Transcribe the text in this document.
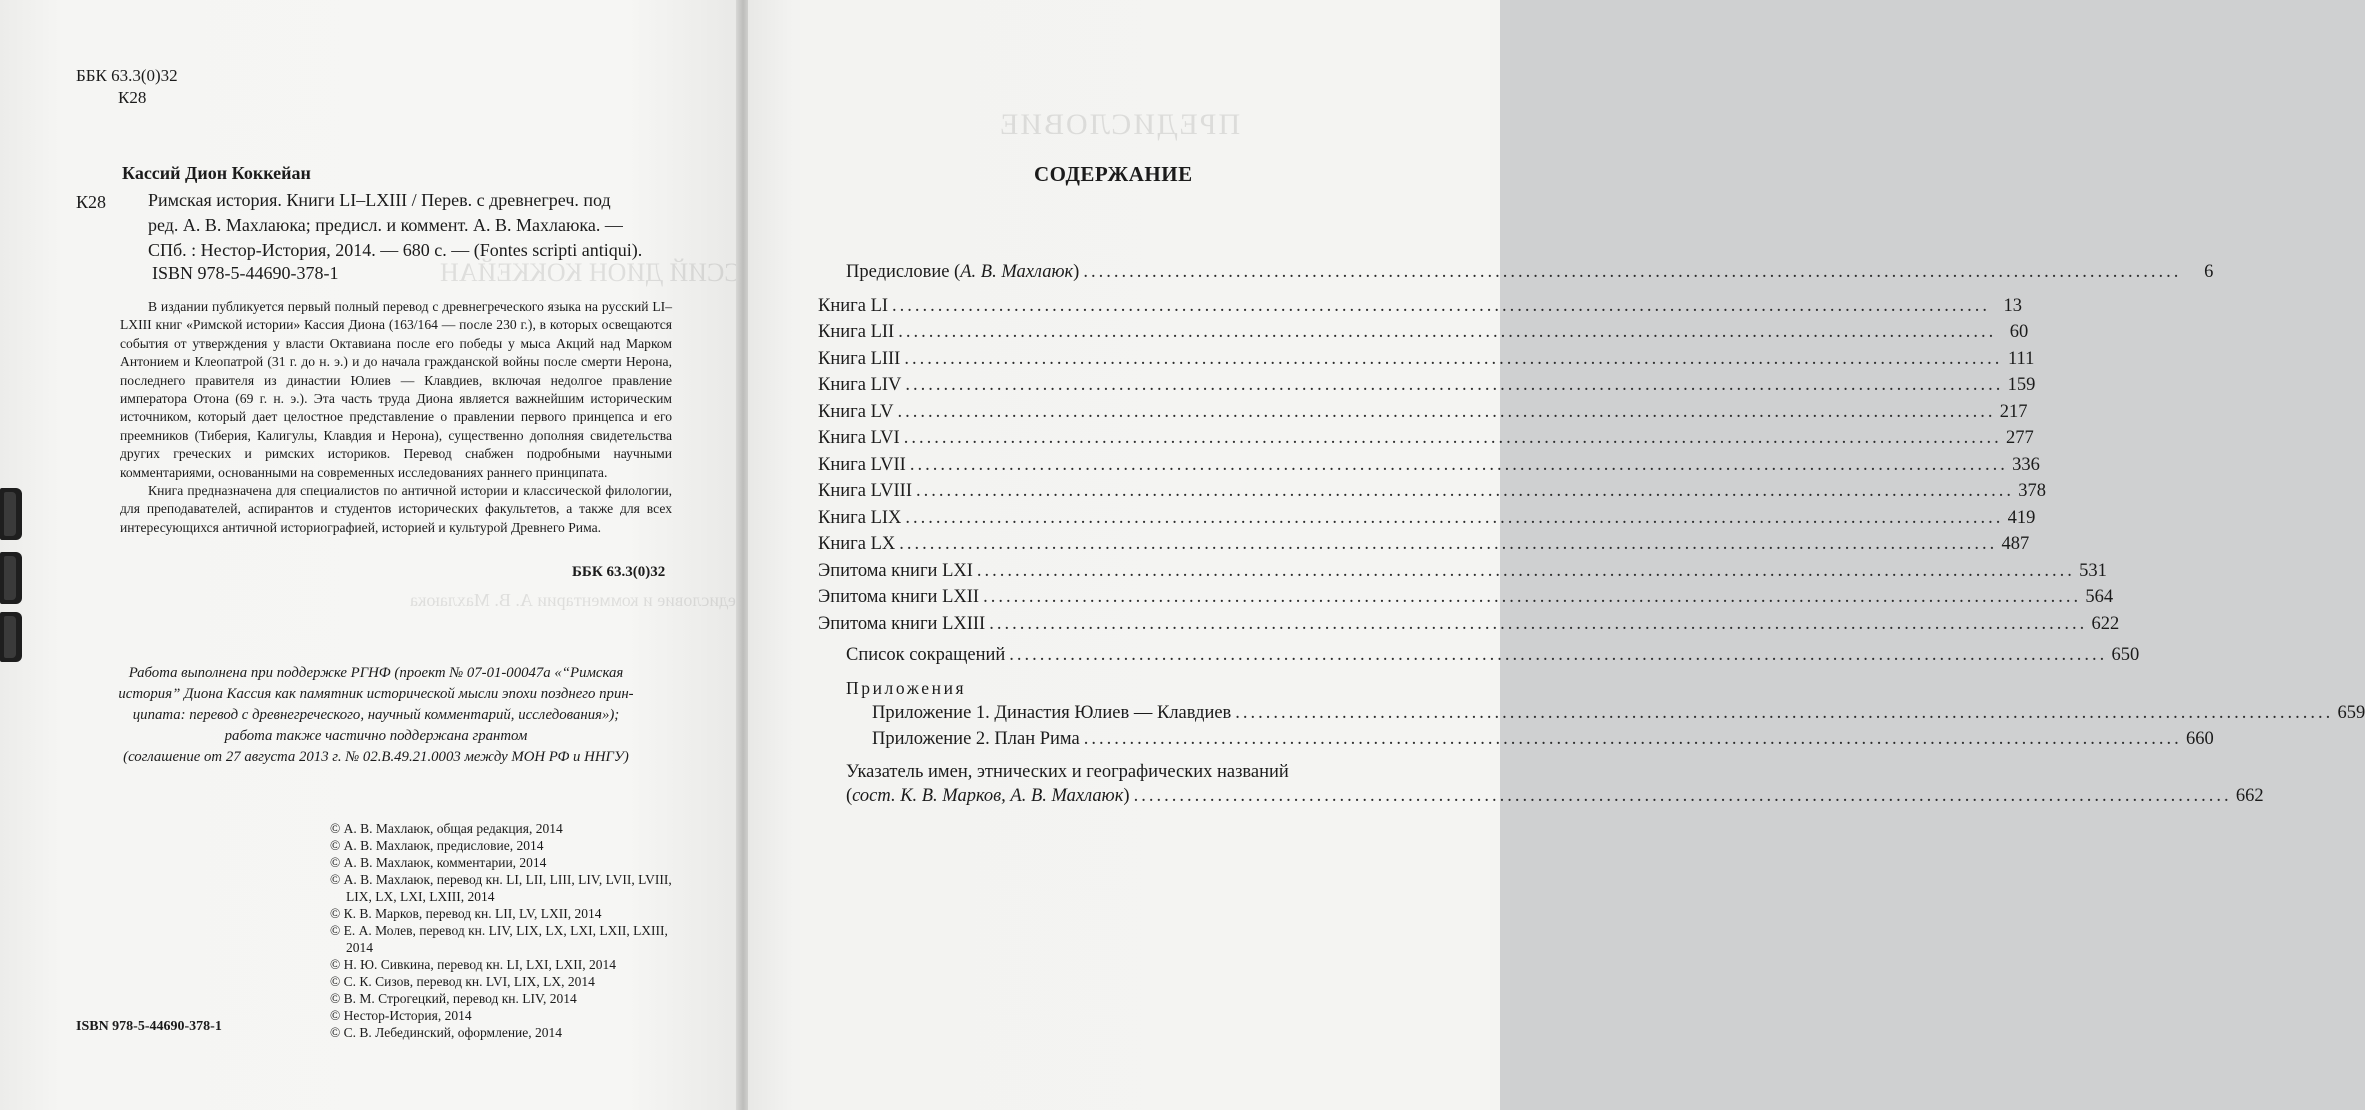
КАССИЙ ДИОН КОККЕЙАН
Предисловие и комментарии А. В. Махлаюка
ББК 63.3(0)32
К28
Кассий Дион Коккейан
К28 Римская история. Книги LI–LXIII / Перев. с древнегреч. под
ред. А. В. Махлаюка; предисл. и коммент. А. В. Махлаюка. —
СПб. : Нестор-История, 2014. — 680 с. — (Fontes scripti antiqui).
ISBN 978-5-44690-378-1

В издании публикуется первый полный перевод с древнегреческого языка на русский LI–LXIII книг «Римской истории» Кассия Диона (163/164 — после 230 г.), в которых освещаются события от утверждения у власти Октавиана после его победы у мыса Акций над Марком Антонием и Клеопатрой (31 г. до н. э.) и до начала гражданской войны после смерти Нерона, последнего правителя из династии Юлиев — Клавдиев, включая недолгое правление императора Отона (69 г. н. э.). Эта часть труда Диона является важнейшим историческим источником, который дает целостное представление о правлении первого принцепса и его преемников (Тиберия, Калигулы, Клавдия и Нерона), существенно дополняя свидетельства других греческих и римских историков. Перевод снабжен подробными научными комментариями, основанными на современных исследованиях раннего принципата.

Книга предназначена для специалистов по античной истории и классической филологии, для преподавателей, аспирантов и студентов исторических факультетов, а также для всех интересующихся античной историографией, историей и культурой Древнего Рима.

ББК 63.3(0)32
Работа выполнена при поддержке РГНФ (проект № 07-01-00047а «“Римская
история” Диона Кассия как памятник исторической мысли эпохи позднего прин-
ципата: перевод с древнегреческого, научный комментарий, исследования»);
работа также частично поддержана грантом
(соглашение от 27 августа 2013 г. № 02.В.49.21.0003 между МОН РФ и ННГУ)
© А. В. Махлаюк, общая редакция, 2014
© А. В. Махлаюк, предисловие, 2014
© А. В. Махлаюк, комментарии, 2014
© А. В. Махлаюк, перевод кн. LI, LII, LIII, LIV, LVII, LVIII, LIX, LX, LXI, LXIII, 2014
© К. В. Марков, перевод кн. LII, LV, LXII, 2014
© Е. А. Молев, перевод кн. LIV, LIX, LX, LXI, LXII, LXIII, 2014
© Н. Ю. Сивкина, перевод кн. LI, LXI, LXII, 2014
© С. К. Сизов, перевод кн. LVI, LIX, LX, 2014
© В. М. Строгецкий, перевод кн. LIV, 2014
© Нестор-История, 2014
© С. В. Лебединский, оформление, 2014
ISBN 978-5-44690-378-1
ПРЕДИСЛОВИЕ
СОДЕРЖАНИЕ
Предисловие (А. В. Махлаюк) .....	6
Книга LI .....	13
Книга LII .....	60
Книга LIII .....	111
Книга LIV .....	159
Книга LV .....	217
Книга LVI .....	277
Книга LVII .....	336
Книга LVIII .....	378
Книга LIX .....	419
Книга LX .....	487
Эпитома книги LXI .....	531
Эпитома книги LXII .....	564
Эпитома книги LXIII .....	622
Список сокращений .....	650
Приложения
Приложение 1. Династия Юлиев — Клавдиев .....	659
Приложение 2. План Рима .....	660
Указатель имен, этнических и географических названий
(сост. К. В. Марков, А. В. Махлаюк) .....	662
